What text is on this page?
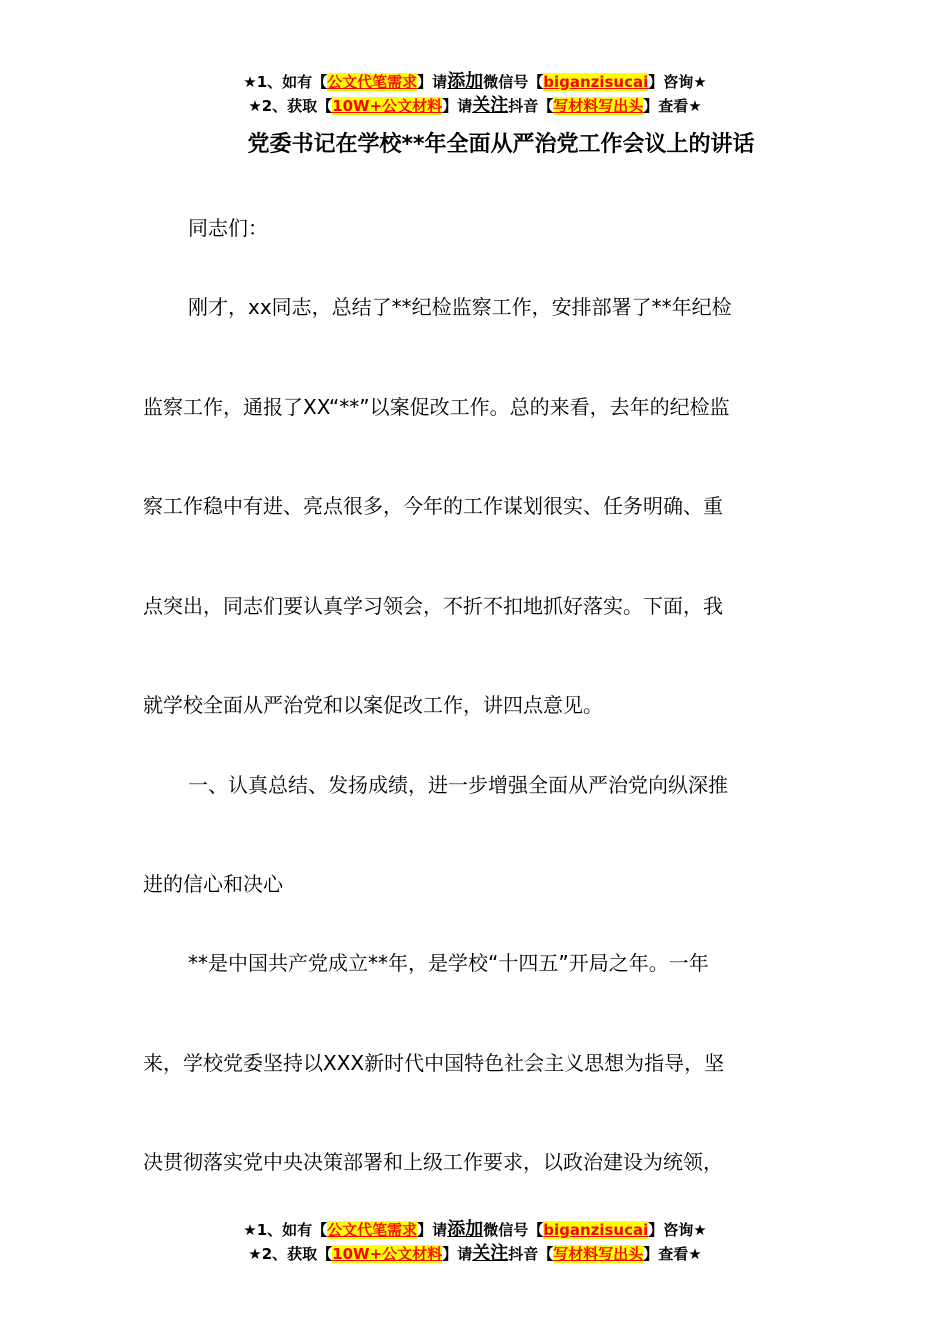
★1、如有【公文代笔需求】请添加微信号【biganzisucai】咨询★
★2、获取【10W+公文材料】请关注抖音【写材料写出头】查看★
党委书记在学校**年全面从严治党工作会议上的讲话
同志们：
刚才，xx同志，总结了**纪检监察工作，安排部署了**年纪检
监察工作，通报了XX“**”以案促改工作。总的来看，去年的纪检监
察工作稳中有进、亮点很多，今年的工作谋划很实、任务明确、重
点突出，同志们要认真学习领会，不折不扣地抓好落实。下面，我
就学校全面从严治党和以案促改工作，讲四点意见。
一、认真总结、发扬成绩，进一步增强全面从严治党向纵深推
进的信心和决心
**是中国共产党成立**年，是学校“十四五”开局之年。一年
来，学校党委坚持以XXX新时代中国特色社会主义思想为指导，坚
决贯彻落实党中央决策部署和上级工作要求，以政治建设为统领，
★1、如有【公文代笔需求】请添加微信号【biganzisucai】咨询★
★2、获取【10W+公文材料】请关注抖音【写材料写出头】查看★
